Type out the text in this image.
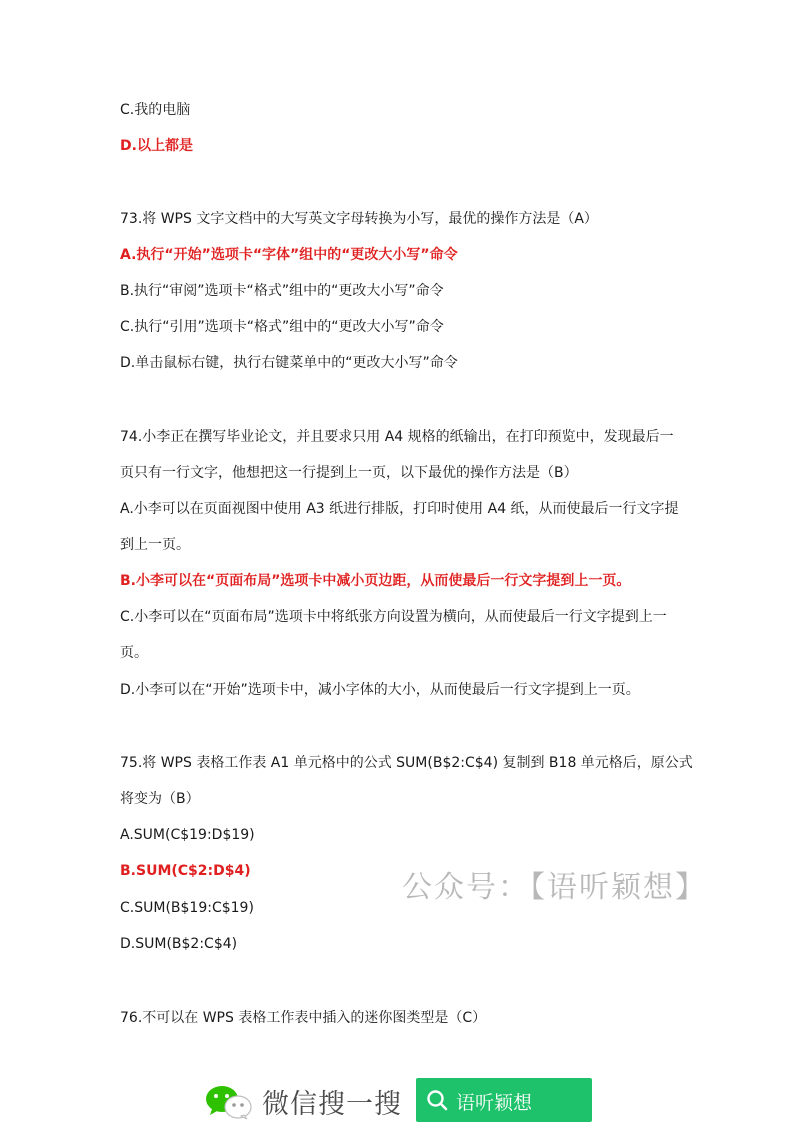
C.我的电脑
D.以上都是
73.将 WPS 文字文档中的大写英文字母转换为小写，最优的操作方法是（A）
A.执行“开始”选项卡“字体”组中的“更改大小写”命令
B.执行“审阅”选项卡“格式”组中的“更改大小写”命令
C.执行“引用”选项卡“格式”组中的“更改大小写”命令
D.单击鼠标右键，执行右键菜单中的“更改大小写”命令
74.小李正在撰写毕业论文，并且要求只用 A4 规格的纸输出，在打印预览中，发现最后一
页只有一行文字，他想把这一行提到上一页，以下最优的操作方法是（B）
A.小李可以在页面视图中使用 A3 纸进行排版，打印时使用 A4 纸，从而使最后一行文字提
到上一页。
B.小李可以在“页面布局”选项卡中减小页边距，从而使最后一行文字提到上一页。
C.小李可以在“页面布局”选项卡中将纸张方向设置为横向，从而使最后一行文字提到上一
页。
D.小李可以在“开始”选项卡中，减小字体的大小，从而使最后一行文字提到上一页。
75.将 WPS 表格工作表 A1 单元格中的公式 SUM(B$2:C$4) 复制到 B18 单元格后，原公式
将变为（B）
A.SUM(C$19:D$19)
B.SUM(C$2:D$4)
C.SUM(B$19:C$19)
D.SUM(B$2:C$4)
76.不可以在 WPS 表格工作表中插入的迷你图类型是（C）
公众号：【语听颖想】
微信搜一搜	语听颖想
